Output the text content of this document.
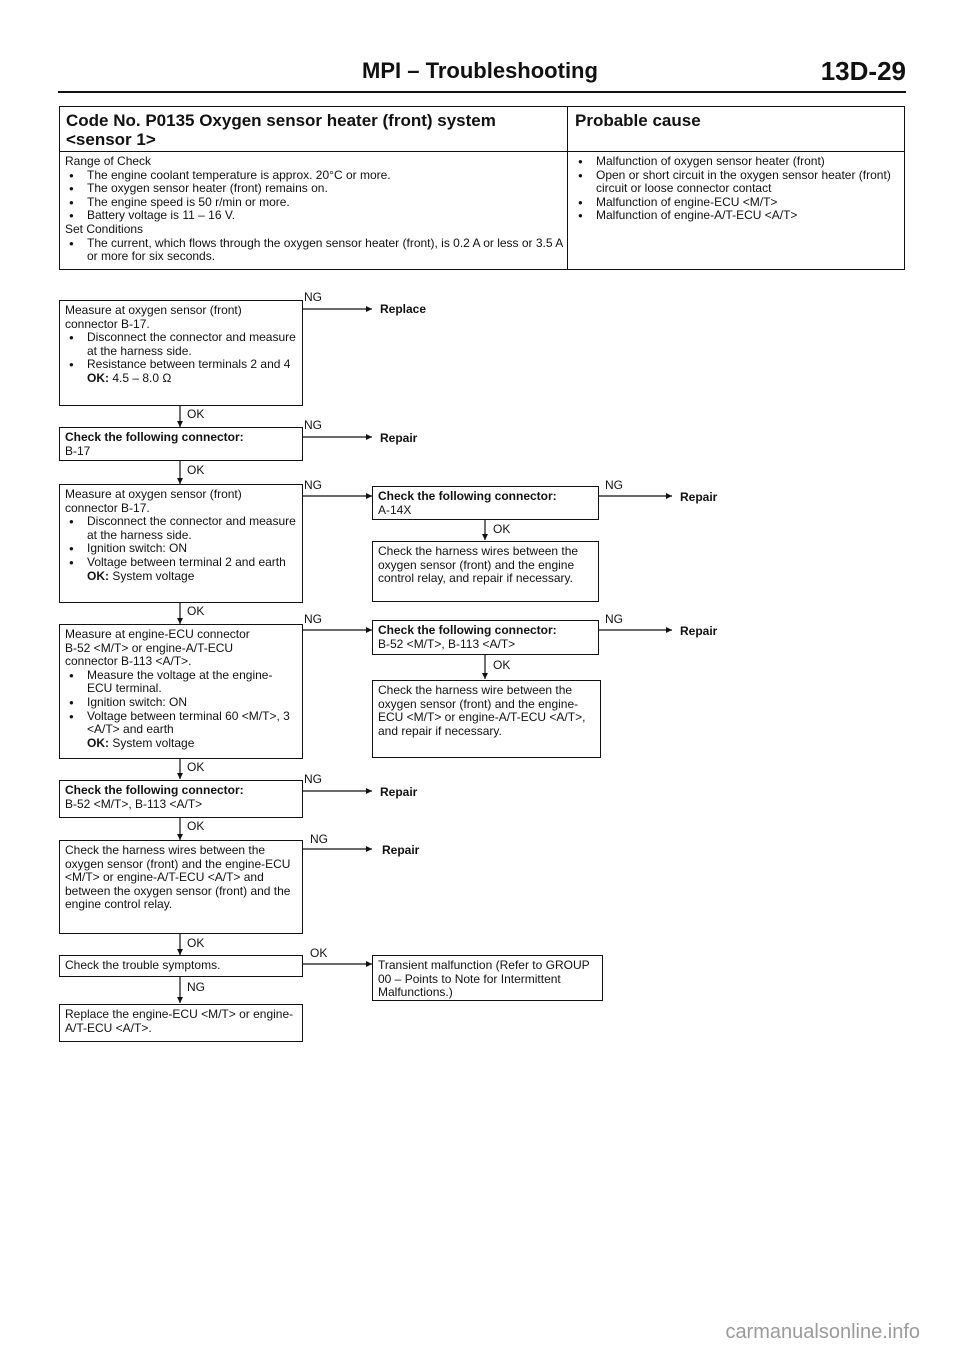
MPI – Troubleshooting	13D-29
Code No. P0135 Oxygen sensor heater (front) system <sensor 1>
Probable cause
Range of Check
● The engine coolant temperature is approx. 20°C or more.
● The oxygen sensor heater (front) remains on.
● The engine speed is 50 r/min or more.
● Battery voltage is 11 – 16 V.
Set Conditions
● The current, which flows through the oxygen sensor heater (front), is 0.2 A or less or 3.5 A or more for six seconds.
● Malfunction of oxygen sensor heater (front)
● Open or short circuit in the oxygen sensor heater (front) circuit or loose connector contact
● Malfunction of engine-ECU <M/T>
● Malfunction of engine-A/T-ECU <A/T>
Measure at oxygen sensor (front)
connector B-17.
● Disconnect the connector and measure at the harness side.
● Resistance between terminals 2 and 4
OK: 4.5 – 8.0 Ω
NG
Replace
OK
Check the following connector:
B-17
NG
Repair
OK
Measure at oxygen sensor (front)
connector B-17.
● Disconnect the connector and measure at the harness side.
● Ignition switch: ON
● Voltage between terminal 2 and earth
OK: System voltage
NG
OK
Check the following connector:
A-14X
NG
Repair
OK
Check the harness wires between the oxygen sensor (front) and the engine control relay, and repair if necessary.
Measure at engine-ECU connector
B-52 <M/T> or engine-A/T-ECU
connector B-113 <A/T>.
● Measure the voltage at the engine-ECU terminal.
● Ignition switch: ON
● Voltage between terminal 60 <M/T>, 3 <A/T> and earth
OK: System voltage
NG
OK
Check the following connector:
B-52 <M/T>, B-113 <A/T>
NG
Repair
OK
Check the harness wire between the oxygen sensor (front) and the engine-ECU <M/T> or engine-A/T-ECU <A/T>, and repair if necessary.
Check the following connector:
B-52 <M/T>, B-113 <A/T>
NG
Repair
OK
Check the harness wires between the oxygen sensor (front) and the engine-ECU <M/T> or engine-A/T-ECU <A/T> and between the oxygen sensor (front) and the engine control relay.
NG
Repair
OK
Check the trouble symptoms.
OK
NG
Transient malfunction (Refer to GROUP 00 – Points to Note for Intermittent Malfunctions.)
Replace the engine-ECU <M/T> or engine-A/T-ECU <A/T>.
carmanualsonline.info
